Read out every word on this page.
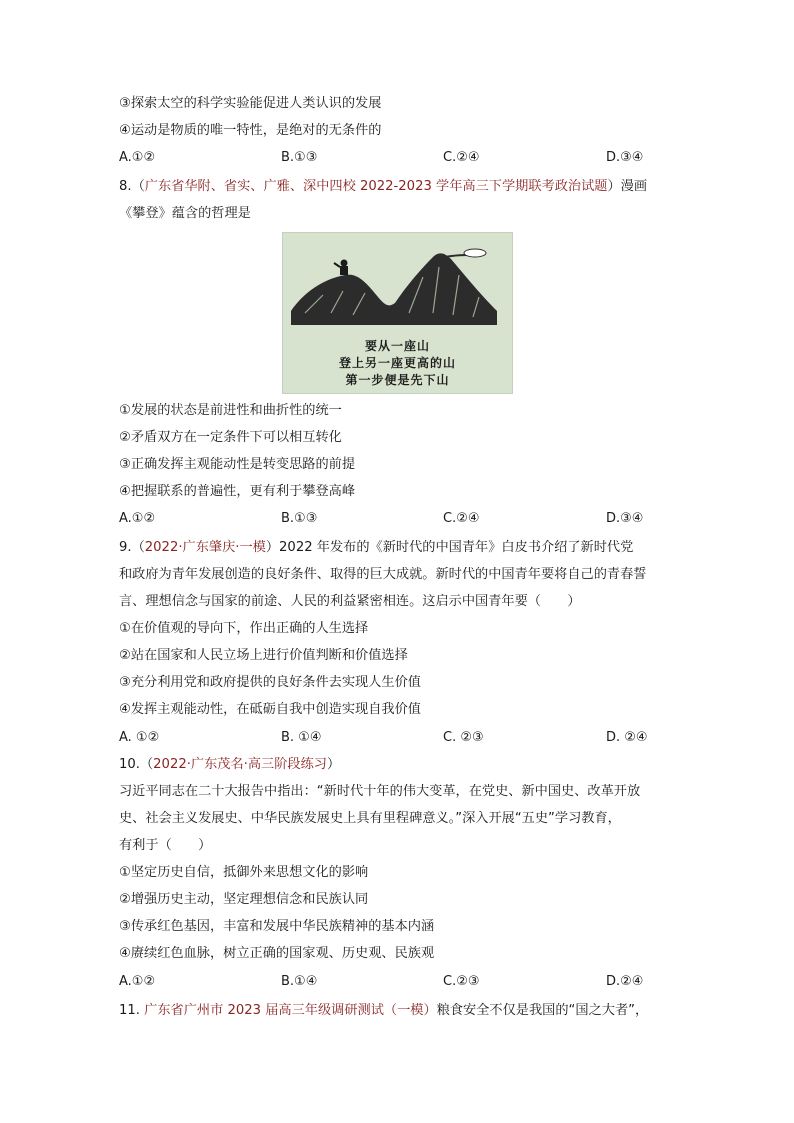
③探索太空的科学实验能促进人类认识的发展
④运动是物质的唯一特性，是绝对的无条件的
A.①②	B.①③	C.②④	D.③④
8.（广东省华附、省实、广雅、深中四校 2022-2023 学年高三下学期联考政治试题）漫画
《攀登》蕴含的哲理是
要从一座山
登上另一座更高的山
第一步便是先下山
①发展的状态是前进性和曲折性的统一
②矛盾双方在一定条件下可以相互转化
③正确发挥主观能动性是转变思路的前提
④把握联系的普遍性，更有利于攀登高峰
A.①②	B.①③	C.②④	D.③④
9.（2022·广东肇庆·一模）2022 年发布的《新时代的中国青年》白皮书介绍了新时代党
和政府为青年发展创造的良好条件、取得的巨大成就。新时代的中国青年要将自己的青春誓
言、理想信念与国家的前途、人民的利益紧密相连。这启示中国青年要（　　）
①在价值观的导向下，作出正确的人生选择
②站在国家和人民立场上进行价值判断和价值选择
③充分利用党和政府提供的良好条件去实现人生价值
④发挥主观能动性，在砥砺自我中创造实现自我价值
A. ①②	B. ①④	C. ②③	D. ②④
10.（2022·广东茂名·高三阶段练习）
习近平同志在二十大报告中指出：“新时代十年的伟大变革，在党史、新中国史、改革开放
史、社会主义发展史、中华民族发展史上具有里程碑意义。”深入开展“五史”学习教育，
有利于（　　）
①坚定历史自信，抵御外来思想文化的影响
②增强历史主动，坚定理想信念和民族认同
③传承红色基因，丰富和发展中华民族精神的基本内涵
④赓续红色血脉，树立正确的国家观、历史观、民族观
A.①②	B.①④	C.②③	D.②④
11. 广东省广州市 2023 届高三年级调研测试（一模）粮食安全不仅是我国的“国之大者”，
